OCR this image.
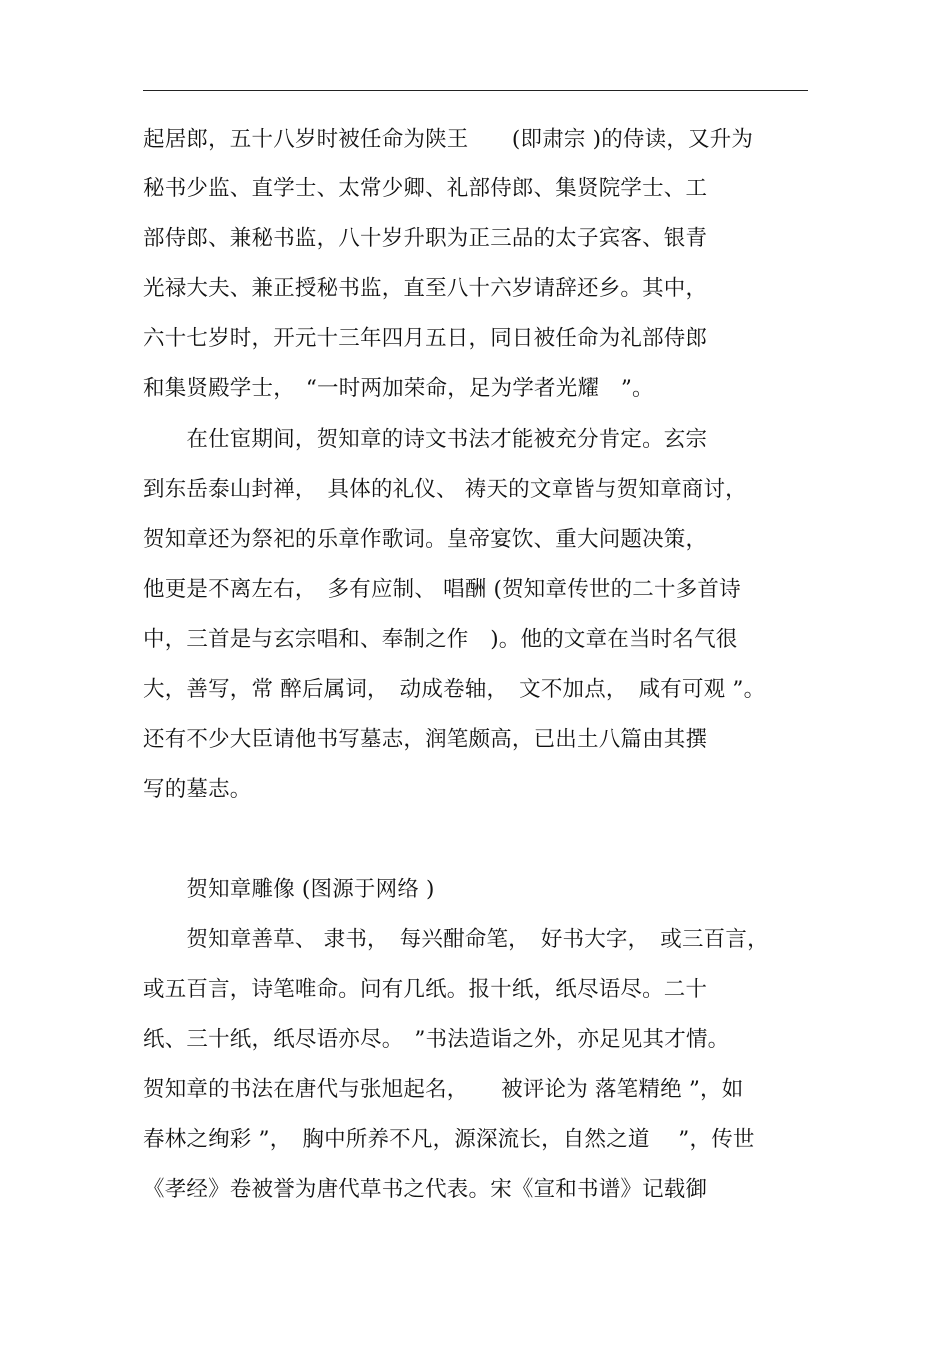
起居郎，五十八岁时被任命为陕王　　(即肃宗 )的侍读，又升为
秘书少监、直学士、太常少卿、礼部侍郎、集贤院学士、工
部侍郎、兼秘书监，八十岁升职为正三品的太子宾客、银青
光禄大夫、兼正授秘书监，直至八十六岁请辞还乡。其中，
六十七岁时，开元十三年四月五日，同日被任命为礼部侍郎
和集贤殿学士，　“一时两加荣命，足为学者光耀　”。
　　在仕宦期间，贺知章的诗文书法才能被充分肯定。玄宗
到东岳泰山封禅，　具体的礼仪、 祷天的文章皆与贺知章商讨，
贺知章还为祭祀的乐章作歌词。皇帝宴饮、重大问题决策，
他更是不离左右，　多有应制、 唱酬 (贺知章传世的二十多首诗
中，三首是与玄宗唱和、奉制之作　)。他的文章在当时名气很
大，善写，常 醉后属词，　动成卷轴，　文不加点，　咸有可观 ”。
还有不少大臣请他书写墓志，润笔颇高，已出土八篇由其撰
写的墓志。
　　贺知章雕像 (图源于网络 )
　　贺知章善草、 隶书，　每兴酣命笔，　好书大字，　或三百言，
或五百言，诗笔唯命。问有几纸。报十纸，纸尽语尽。二十
纸、三十纸，纸尽语亦尽。　”书法造诣之外，亦足见其才情。
贺知章的书法在唐代与张旭起名，　　被评论为 落笔精绝 ”，如
春林之绚彩 ”，　胸中所养不凡，源深流长，自然之道　 ”，传世
《孝经》卷被誉为唐代草书之代表。宋《宣和书谱》记载御
